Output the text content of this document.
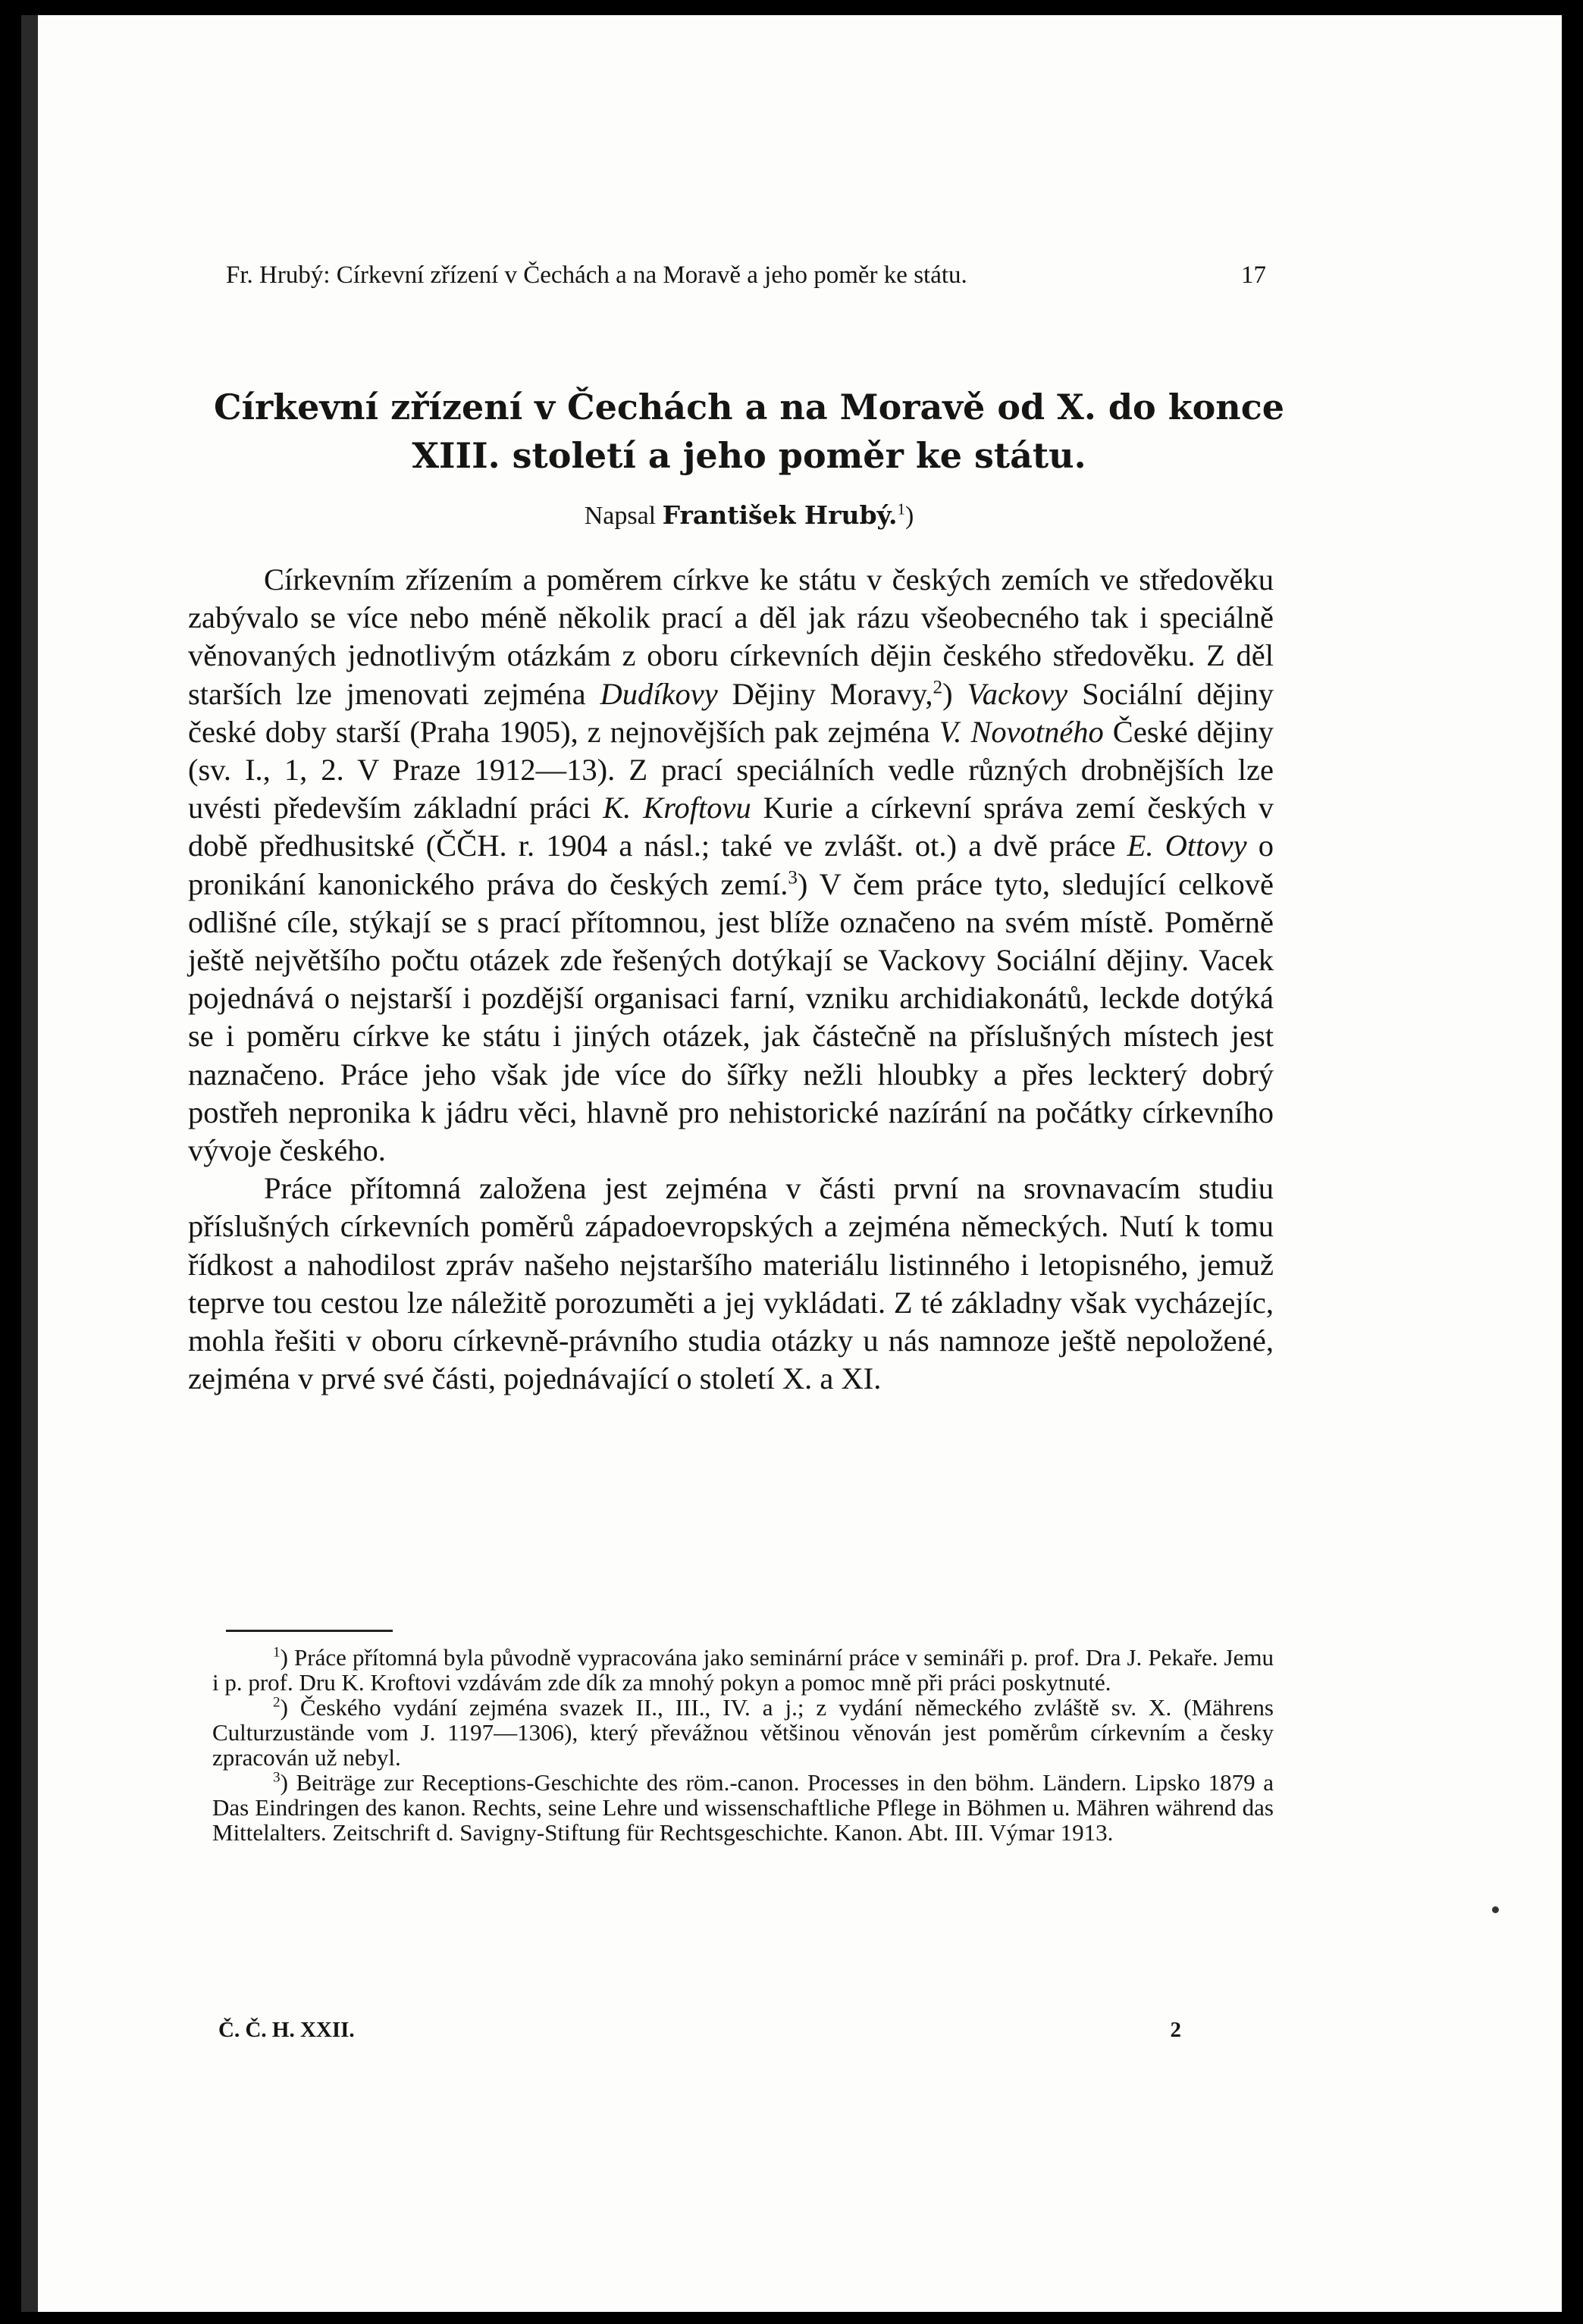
Fr. Hrubý: Církevní zřízení v Čechách a na Moravě a jeho poměr ke státu.	17
Církevní zřízení v Čechách a na Moravě od X. do konce
XIII. století a jeho poměr ke státu.
Napsal František Hrubý.$^1$)

Církevním zřízením a poměrem církve ke státu v českých zemích ve středověku zabývalo se více nebo méně několik prací a děl jak rázu všeobecného tak i speciálně věnovaných jednotlivým otázkám z oboru církevních dějin českého středověku. Z děl starších lze jmenovati zejména Dudíkovy Dějiny Moravy,$^2$) Vackovy Sociální dějiny české doby starší (Praha 1905), z nejnovějších pak zejména V. Novotného České dějiny (sv. I., 1, 2. V Praze 1912—13). Z prací speciálních vedle různých drobnějších lze uvésti především základní práci K. Kroftovu Kurie a církevní správa zemí českých v době předhusitské (ČČH. r. 1904 a násl.; také ve zvlášt. ot.) a dvě práce E. Ottovy o pronikání kanonického práva do českých zemí.$^3$) V čem práce tyto, sledující celkově odlišné cíle, stýkají se s prací přítomnou, jest blíže označeno na svém místě. Poměrně ještě největšího počtu otázek zde řešených dotýkají se Vackovy Sociální dějiny. Vacek pojednává o nejstarší i pozdější organisaci farní, vzniku archidiakonátů, leckde dotýká se i poměru církve ke státu i jiných otázek, jak částečně na příslušných místech jest naznačeno. Práce jeho však jde více do šířky nežli hloubky a přes leckterý dobrý postřeh nepronika k jádru věci, hlavně pro nehistorické nazírání na počátky církevního vývoje českého.

Práce přítomná založena jest zejména v části první na srovnavacím studiu příslušných církevních poměrů západoevropských a zejména německých. Nutí k tomu řídkost a nahodilost zpráv našeho nejstaršího materiálu listinného i letopisného, jemuž teprve tou cestou lze náležitě porozuměti a jej vykládati. Z té základny však vycházejíc, mohla řešiti v oboru církevně-právního studia otázky u nás namnoze ještě nepoložené, zejména v prvé své části, pojednávající o století X. a XI.

$^1$) Práce přítomná byla původně vypracována jako seminární práce v semináři p. prof. Dra J. Pekaře. Jemu i p. prof. Dru K. Kroftovi vzdávám zde dík za mnohý pokyn a pomoc mně při práci poskytnuté.

$^2$) Českého vydání zejména svazek II., III., IV. a j.; z vydání německého zvláště sv. X. (Mährens Culturzustände vom J. 1197—1306), který převážnou většinou věnován jest poměrům církevním a česky zpracován už nebyl.

$^3$) Beiträge zur Receptions-Geschichte des röm.-canon. Processes in den böhm. Ländern. Lipsko 1879 a Das Eindringen des kanon. Rechts, seine Lehre und wissenschaftliche Pflege in Böhmen u. Mähren während das Mittelalters. Zeitschrift d. Savigny-Stiftung für Rechtsgeschichte. Kanon. Abt. III. Výmar 1913.

Č. Č. H. XXII.	2
